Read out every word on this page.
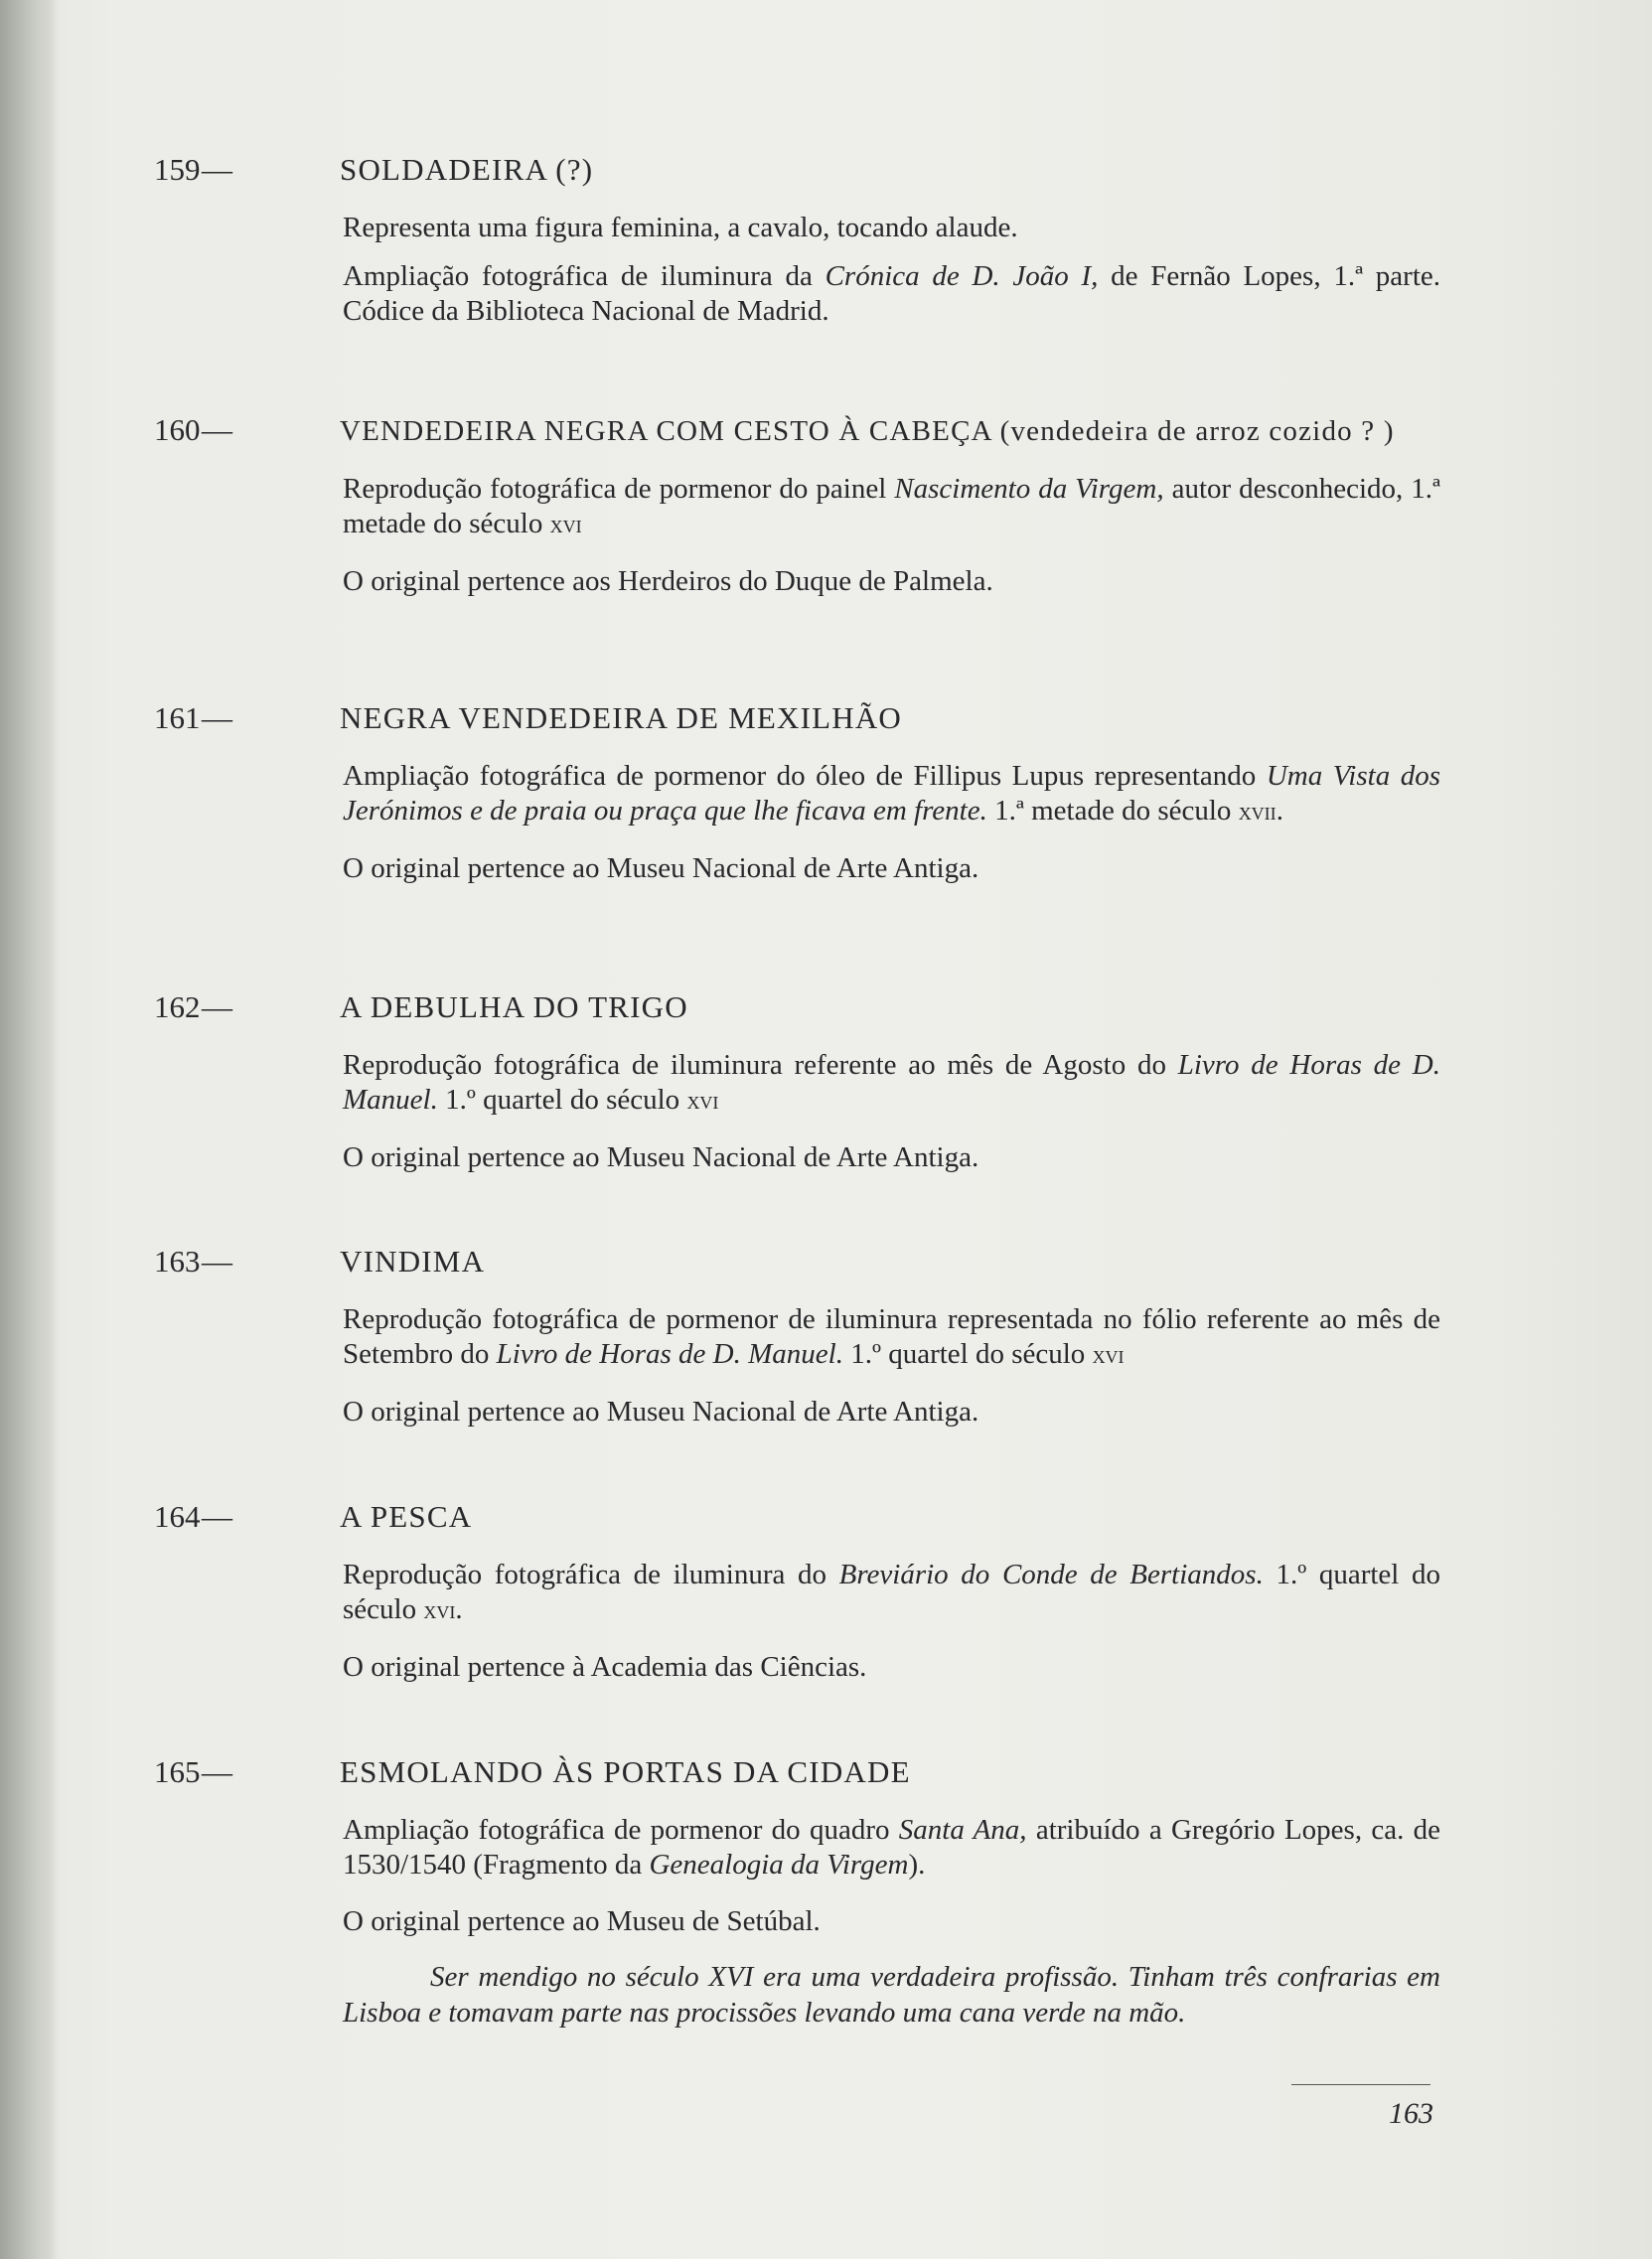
159—	SOLDADEIRA (?)

Representa uma figura feminina, a cavalo, tocando alaude.

Ampliação fotográfica de iluminura da Crónica de D. João I, de Fernão Lopes, 1.ª parte. Códice da Biblioteca Nacional de Madrid.

160—	VENDEDEIRA NEGRA COM CESTO À CABEÇA (vendedeira de arroz cozido ? )

Reprodução fotográfica de pormenor do painel Nascimento da Virgem, autor desconhecido, 1.ª metade do século xvi

O original pertence aos Herdeiros do Duque de Palmela.

161—	NEGRA VENDEDEIRA DE MEXILHÃO

Ampliação fotográfica de pormenor do óleo de Fillipus Lupus representando Uma Vista dos Jerónimos e de praia ou praça que lhe ficava em frente. 1.ª metade do século xvii.

O original pertence ao Museu Nacional de Arte Antiga.

162—	A DEBULHA DO TRIGO

Reprodução fotográfica de iluminura referente ao mês de Agosto do Livro de Horas de D. Manuel. 1.º quartel do século xvi

O original pertence ao Museu Nacional de Arte Antiga.

163—	VINDIMA

Reprodução fotográfica de pormenor de iluminura representada no fólio referente ao mês de Setembro do Livro de Horas de D. Manuel. 1.º quartel do século xvi

O original pertence ao Museu Nacional de Arte Antiga.

164—	A PESCA

Reprodução fotográfica de iluminura do Breviário do Conde de Bertiandos. 1.º quartel do século xvi.

O original pertence à Academia das Ciências.

165—	ESMOLANDO ÀS PORTAS DA CIDADE

Ampliação fotográfica de pormenor do quadro Santa Ana, atribuído a Gregório Lopes, ca. de 1530/1540 (Fragmento da Genealogia da Virgem).

O original pertence ao Museu de Setúbal.

Ser mendigo no século XVI era uma verdadeira profissão. Tinham três confrarias em Lisboa e tomavam parte nas procissões levando uma cana verde na mão.

163
